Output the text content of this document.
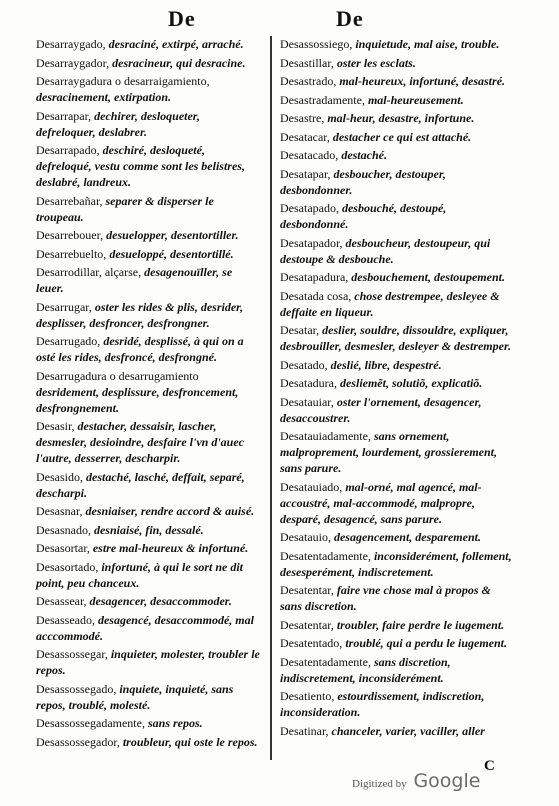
De	De
Desarraygado, desraciné, extirpé, arraché.
Desarraygador, desracineur, qui desracine.
Desarraygadura o desarraigamiento, desracinement, extirpation.
Desarrapar, dechirer, desloqueter, defreloquer, deslabrer.
Desarrapado, deschiré, desloqueté, defreloqué, vestu comme sont les belistres, deslabré, landreux.
Desarrebañar, separer & disperser le troupeau.
Desarrebouer, desuelopper, desentortiller.
Desarrebuelto, desueloppé, desentortillé.
Desarrodillar, alçarse, desagenouïller, se leuer.
Desarrugar, oster les rides & plis, desrider, desplisser, desfroncer, desfrongner.
Desarrugado, desridé, desplissé, à qui on a osté les rides, desfroncé, desfrongné.
Desarrugadura o desarrugamiento desridement, desplissure, desfroncement, desfrongnement.
Desasir, destacher, dessaisir, lascher, desmesler, desioindre, desfaire l'vn d'auec l'autre, desserrer, descharpir.
Desasido, destaché, lasché, deffait, separé, descharpi.
Desasnar, desniaiser, rendre accord & auisé.
Desasnado, desniaisé, fin, dessalé.
Desasortar, estre mal-heureux & infortuné.
Desasortado, infortuné, à qui le sort ne dit point, peu chanceux.
Desassear, desagencer, desaccommoder.
Desasseado, desagencé, desaccommodé, mal acccommodé.
Desassossegar, inquieter, molester, troubler le repos.
Desassossegado, inquiete, inquieté, sans repos, troublé, molesté.
Desassossegadamente, sans repos.
Desassossegador, troubleur, qui oste le repos.
Desassossiego, inquietude, mal aise, trouble.
Desastillar, oster les esclats.
Desastrado, mal-heureux, infortuné, desastré.
Desastradamente, mal-heureusement.
Desastre, mal-heur, desastre, infortune.
Desatacar, destacher ce qui est attaché.
Desatacado, destaché.
Desatapar, desboucher, destouper, desbondonner.
Desatapado, desbouché, destoupé, desbondonné.
Desatapador, desboucheur, destoupeur, qui destoupe & desbouche.
Desatapadura, desbouchement, destoupement.
Desatada cosa, chose destrempee, desleyee & deffaite en liqueur.
Desatar, deslier, souldre, dissouldre, expliquer, desbrouiller, desmesler, desleyer & destremper.
Desatado, deslié, libre, despestré.
Desatadura, desliemẽt, solutiõ, explicatiõ.
Desatauiar, oster l'ornement, desagencer, desaccoustrer.
Desatauiadamente, sans ornement, malproprement, lourdement, grossierement, sans parure.
Desatauiado, mal-orné, mal agencé, mal-accoustré, mal-accommodé, malpropre, desparé, desagencé, sans parure.
Desatauio, desagencement, desparement.
Desatentadamente, inconsiderément, follement, desesperément, indiscretement.
Desatentar, faire vne chose mal à propos & sans discretion.
Desatentar, troubler, faire perdre le iugement.
Desatentado, troublé, qui a perdu le iugement.
Desatentadamente, sans discretion, indiscretement, inconsiderément.
Desatiento, estourdissement, indiscretion, inconsideration.
Desatinar, chanceler, varier, vaciller, aller
Digitized by Google
C
